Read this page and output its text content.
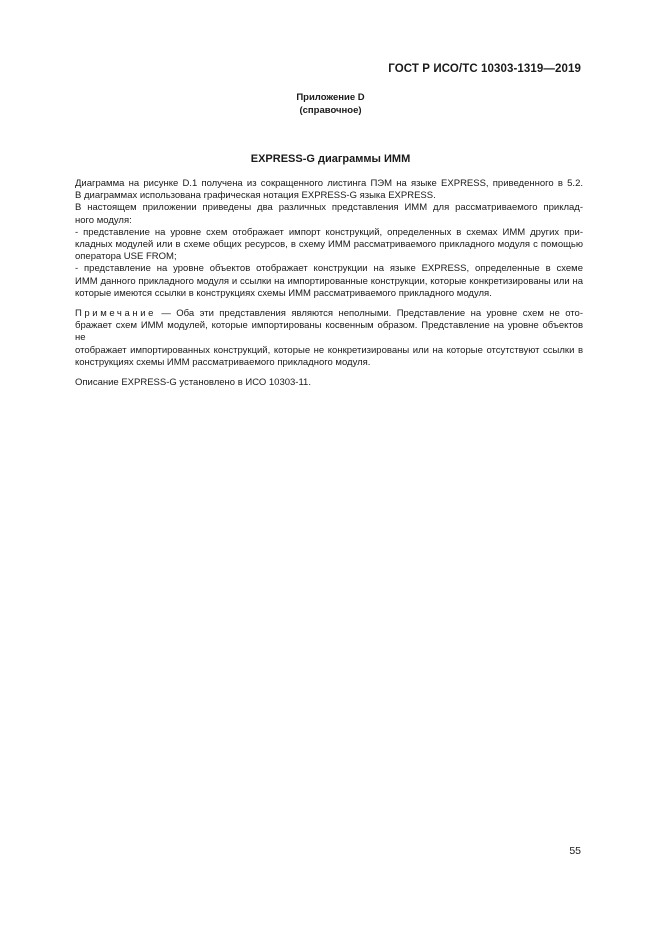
ГОСТ Р ИСО/ТС 10303-1319—2019
Приложение D
(справочное)
EXPRESS-G диаграммы ИММ
Диаграмма на рисунке D.1 получена из сокращенного листинга ПЭМ на языке EXPRESS, приведенного в 5.2.
В диаграммах использована графическая нотация EXPRESS-G языка EXPRESS.
В настоящем приложении приведены два различных представления ИММ для рассматриваемого приклад-
ного модуля:
- представление на уровне схем отображает импорт конструкций, определенных в схемах ИММ других при-
кладных модулей или в схеме общих ресурсов, в схему ИММ рассматриваемого прикладного модуля с помощью
оператора USE FROM;
- представление на уровне объектов отображает конструкции на языке EXPRESS, определенные в схеме
ИММ данного прикладного модуля и ссылки на импортированные конструкции, которые конкретизированы или на
которые имеются ссылки в конструкциях схемы ИММ рассматриваемого прикладного модуля.
Примечание — Оба эти представления являются неполными. Представление на уровне схем не ото-
бражает схем ИММ модулей, которые импортированы косвенным образом. Представление на уровне объектов не
отображает импортированных конструкций, которые не конкретизированы или на которые отсутствуют ссылки в
конструкциях схемы ИММ рассматриваемого прикладного модуля.
Описание EXPRESS-G установлено в ИСО 10303-11.
55
